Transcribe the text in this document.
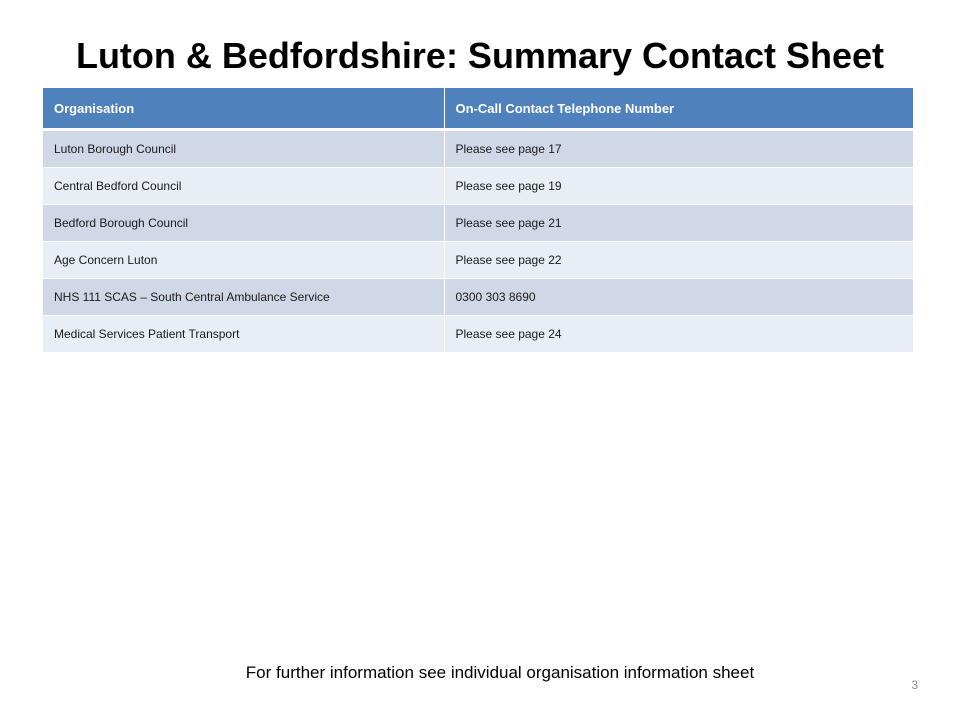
Luton & Bedfordshire: Summary Contact Sheet
Organisation	On-Call Contact Telephone Number
Luton Borough Council	Please see page 17
Central Bedford Council	Please see page 19
Bedford Borough Council	Please see page 21
Age Concern Luton	Please see page 22
NHS 111 SCAS – South Central Ambulance Service	0300 303 8690
Medical Services Patient Transport	Please see page 24
For further information see individual organisation information sheet
3
